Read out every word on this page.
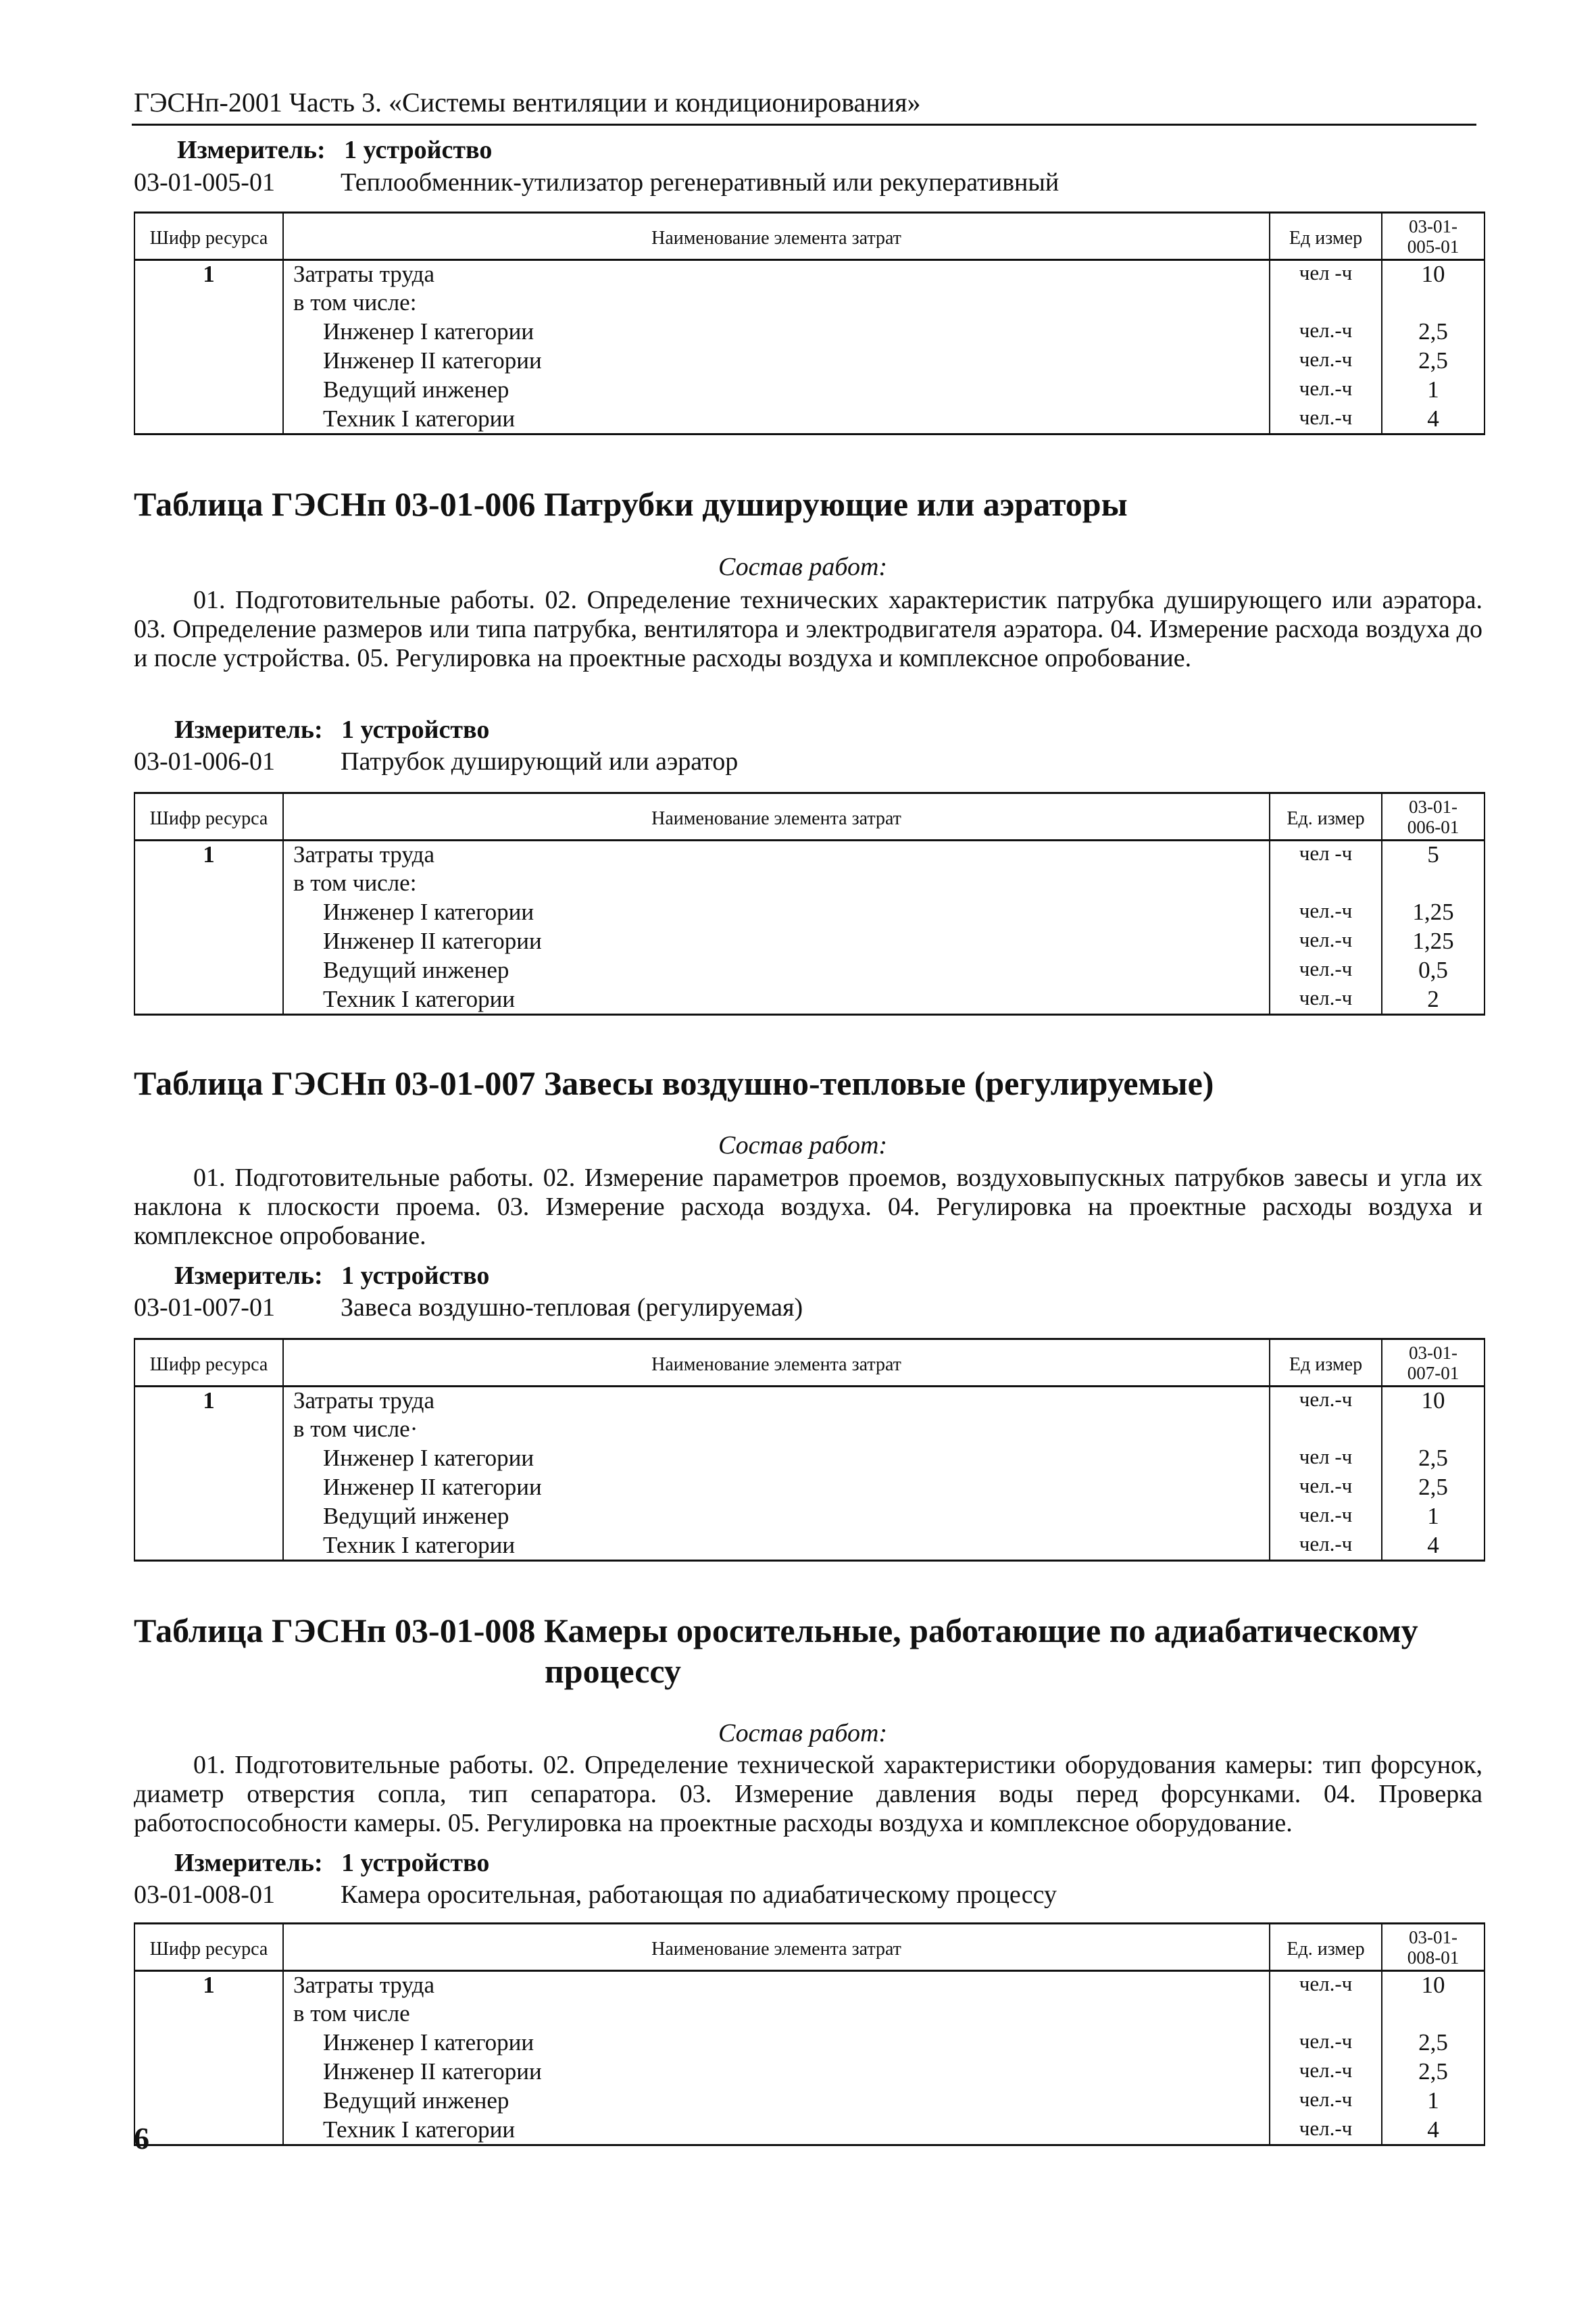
ГЭСНп-2001 Часть 3. «Системы вентиляции и кондиционирования»
Измеритель: 1 устройство
03-01-005-01	Теплообменник-утилизатор регенеративный или рекуперативный
Шифр ресурса	Наименование элемента затрат	Ед измер	03-01-
005-01

1	Затраты труда	чел -ч	10
	в том числе:		
	Инженер I категории	чел.-ч	2,5
	Инженер II категории	чел.-ч	2,5
	Ведущий инженер	чел.-ч	1
	Техник I категории	чел.-ч	4
Таблица ГЭСНп 03-01-006 Патрубки душирующие или аэраторы
Состав работ:
01. Подготовительные работы. 02. Определение технических характеристик патрубка душирующего или аэратора. 03. Определение размеров или типа патрубка, вентилятора и электродвигателя аэратора. 04. Измерение расхода воздуха до и после устройства. 05. Регулировка на проектные расходы воздуха и комплексное опробование.
Измеритель: 1 устройство
03-01-006-01	Патрубок душирующий или аэратор
Шифр ресурса	Наименование элемента затрат	Ед. измер	03-01-
006-01

1	Затраты труда	чел -ч	5
	в том числе:		
	Инженер I категории	чел.-ч	1,25
	Инженер II категории	чел.-ч	1,25
	Ведущий инженер	чел.-ч	0,5
	Техник I категории	чел.-ч	2
Таблица ГЭСНп 03-01-007 Завесы воздушно-тепловые (регулируемые)
Состав работ:
01. Подготовительные работы. 02. Измерение параметров проемов, воздуховыпускных патрубков завесы и угла их наклона к плоскости проема. 03. Измерение расхода воздуха. 04. Регулировка на проектные расходы воздуха и комплексное опробование.
Измеритель: 1 устройство
03-01-007-01	Завеса воздушно-тепловая (регулируемая)
Шифр ресурса	Наименование элемента затрат	Ед измер	03-01-
007-01

1	Затраты труда	чел.-ч	10
	в том числе·		
	Инженер I категории	чел -ч	2,5
	Инженер II категории	чел.-ч	2,5
	Ведущий инженер	чел.-ч	1
	Техник I категории	чел.-ч	4
Таблица ГЭСНп 03-01-008 Камеры оросительные, работающие по адиабатическому
процессу
Состав работ:
01. Подготовительные работы. 02. Определение технической характеристики оборудования камеры: тип форсунок, диаметр отверстия сопла, тип сепаратора. 03. Измерение давления воды перед форсунками. 04. Проверка работоспособности камеры. 05. Регулировка на проектные расходы воздуха и комплексное оборудование.
Измеритель: 1 устройство
03-01-008-01	Камера оросительная, работающая по адиабатическому процессу
Шифр ресурса	Наименование элемента затрат	Ед. измер	03-01-
008-01

1	Затраты труда	чел.-ч	10
	в том числе		
	Инженер I категории	чел.-ч	2,5
	Инженер II категории	чел.-ч	2,5
	Ведущий инженер	чел.-ч	1
	Техник I категории	чел.-ч	4
6
